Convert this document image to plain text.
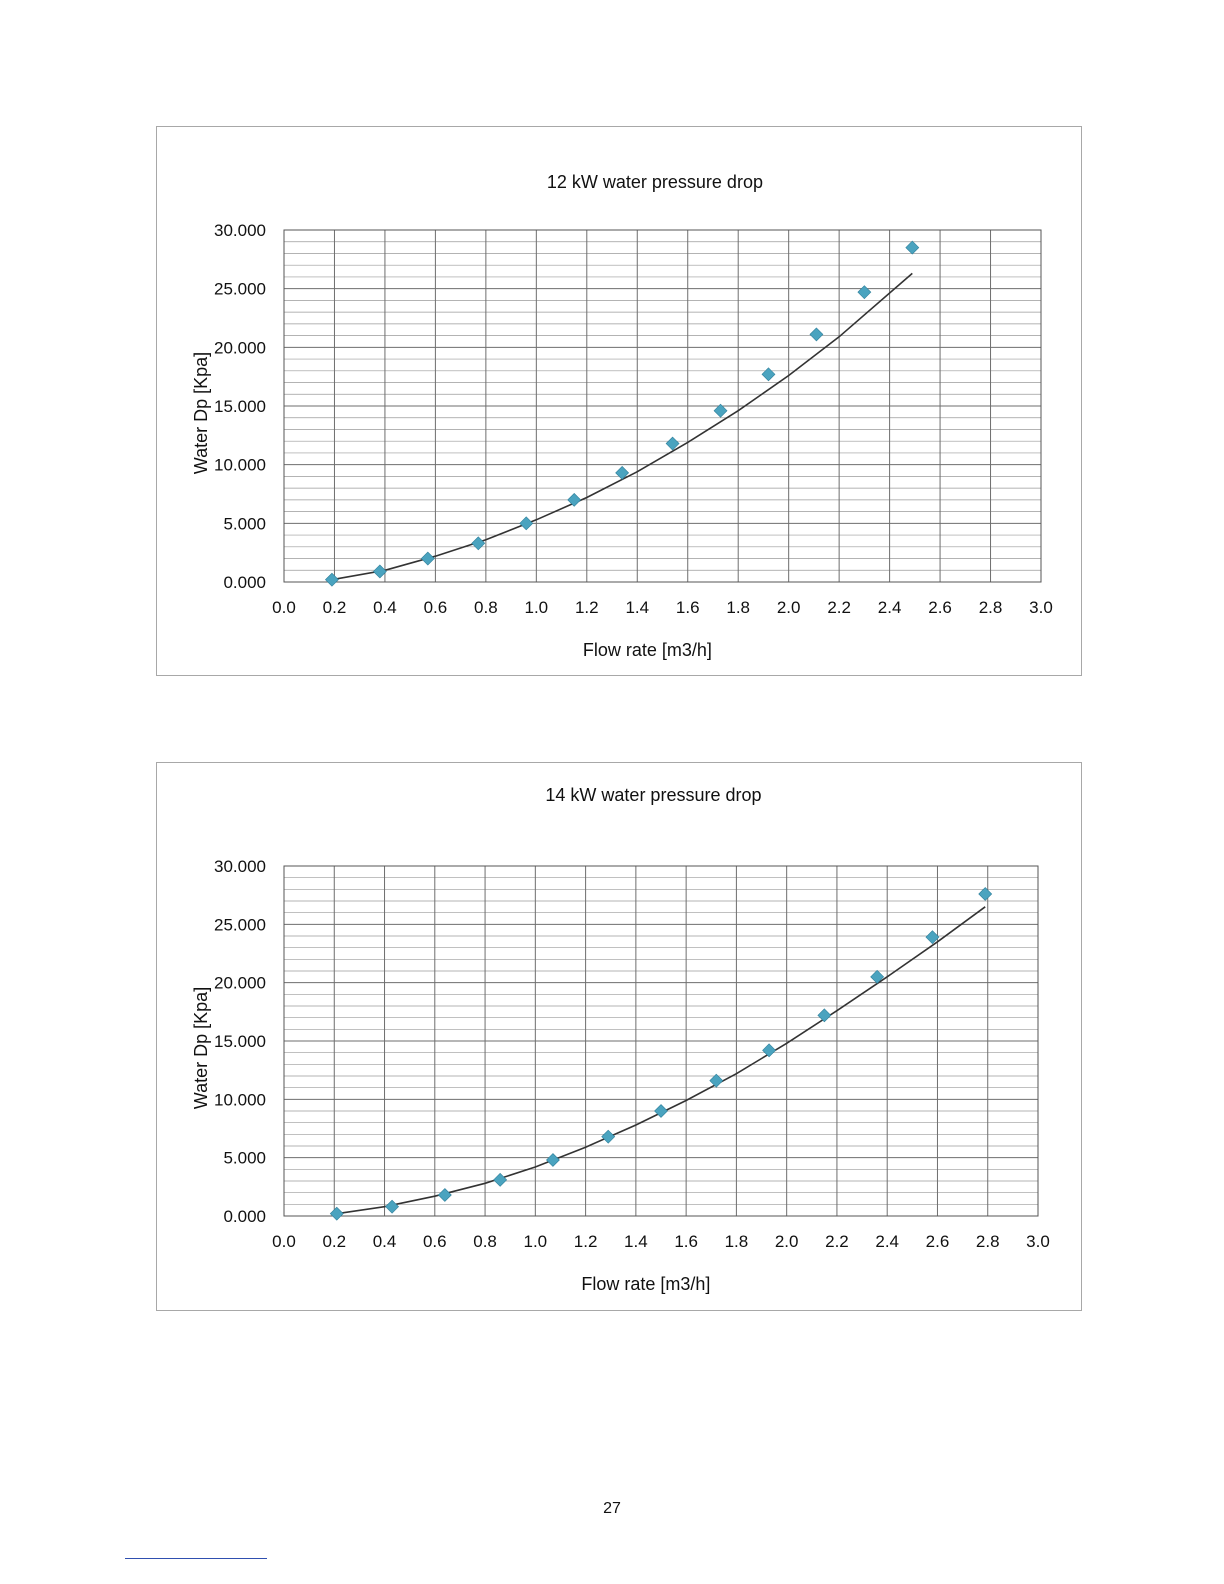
12 kW water pressure drop
0.000
5.000
10.000
15.000
20.000
25.000
30.000
0.0 0.2 0.4 0.6 0.8 1.0 1.2 1.4 1.6 1.8 2.0 2.2 2.4 2.6 2.8 3.0
Flow rate [m3/h]
Water Dp [Kpa]
14 kW water pressure drop
0.000
5.000
10.000
15.000
20.000
25.000
30.000
0.0 0.2 0.4 0.6 0.8 1.0 1.2 1.4 1.6 1.8 2.0 2.2 2.4 2.6 2.8 3.0
Flow rate [m3/h]
Water Dp [Kpa]
27
